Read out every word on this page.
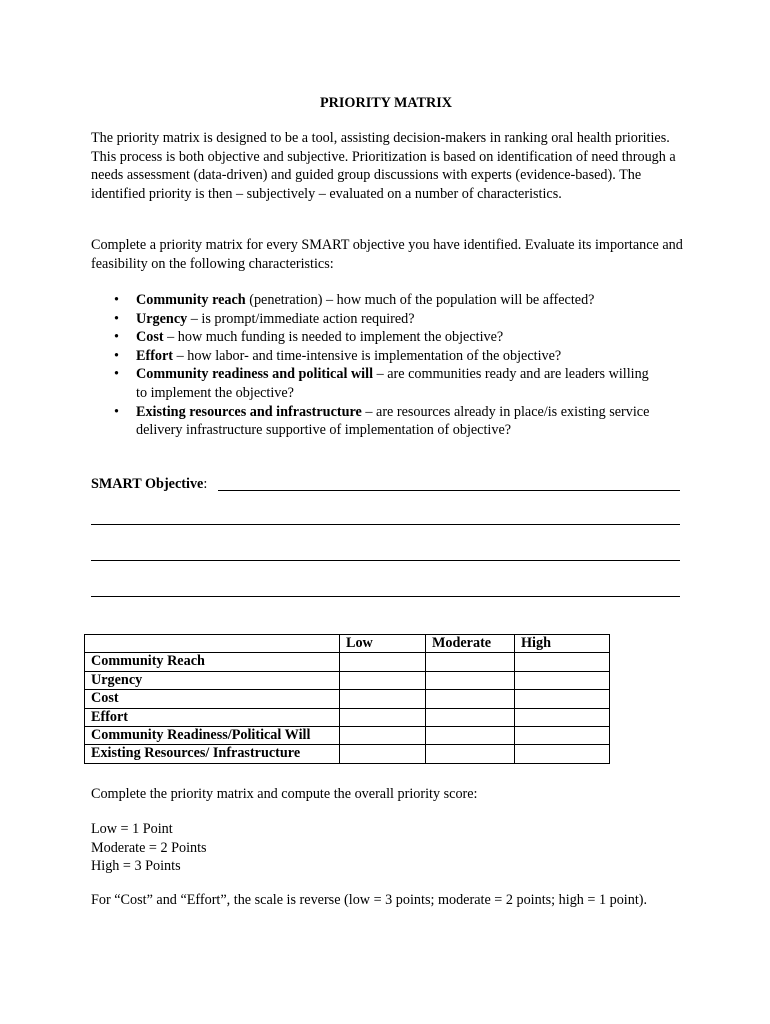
PRIORITY MATRIX

The priority matrix is designed to be a tool, assisting decision-makers in ranking oral health priorities. This process is both objective and subjective. Prioritization is based on identification of need through a needs assessment (data-driven) and guided group discussions with experts (evidence-based). The identified priority is then – subjectively – evaluated on a number of characteristics.

Complete a priority matrix for every SMART objective you have identified. Evaluate its importance and feasibility on the following characteristics:

• Community reach (penetration) – how much of the population will be affected?
• Urgency – is prompt/immediate action required?
• Cost – how much funding is needed to implement the objective?
• Effort – how labor- and time-intensive is implementation of the objective?
• Community readiness and political will – are communities ready and are leaders willing to implement the objective?
• Existing resources and infrastructure – are resources already in place/is existing service delivery infrastructure supportive of implementation of objective?
SMART Objective:
	Low	Moderate	High
Community Reach			
Urgency			
Cost			
Effort			
Community Readiness/Political Will			
Existing Resources/ Infrastructure			

Complete the priority matrix and compute the overall priority score:

Low = 1 Point
Moderate = 2 Points
High = 3 Points

For “Cost” and “Effort”, the scale is reverse (low = 3 points; moderate = 2 points; high = 1 point).
